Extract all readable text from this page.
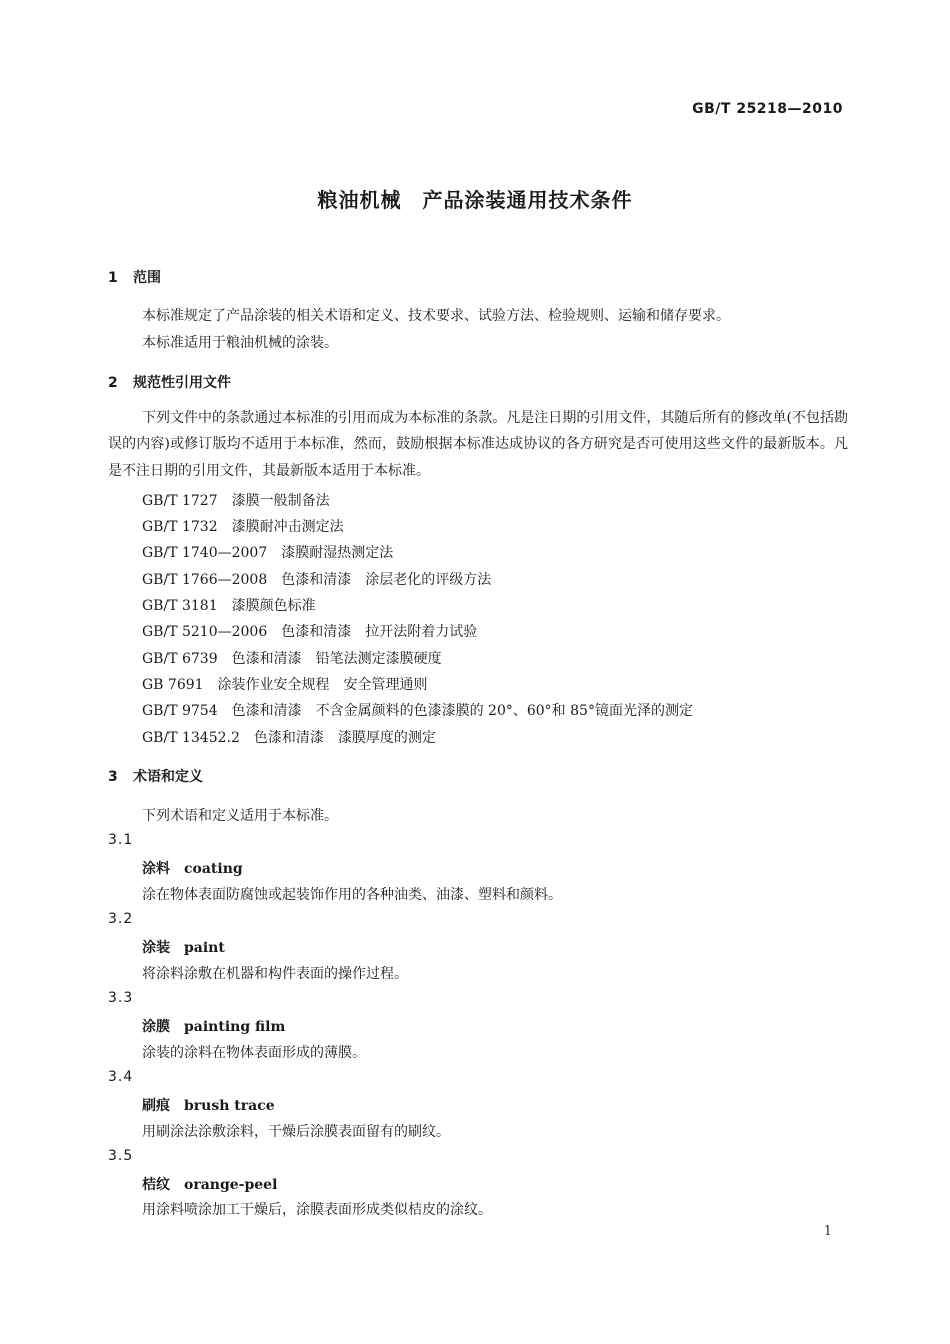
GB/T 25218—2010
粮油机械　产品涂装通用技术条件
1 范围
本标准规定了产品涂装的相关术语和定义、技术要求、试验方法、检验规则、运输和储存要求。
本标准适用于粮油机械的涂装。
2 规范性引用文件
下列文件中的条款通过本标准的引用而成为本标准的条款。凡是注日期的引用文件，其随后所有的修改单(不包括勘误的内容)或修订版均不适用于本标准，然而，鼓励根据本标准达成协议的各方研究是否可使用这些文件的最新版本。凡是不注日期的引用文件，其最新版本适用于本标准。
GB/T 1727　漆膜一般制备法
GB/T 1732　漆膜耐冲击测定法
GB/T 1740—2007　漆膜耐湿热测定法
GB/T 1766—2008　色漆和清漆　涂层老化的评级方法
GB/T 3181　漆膜颜色标准
GB/T 5210—2006　色漆和清漆　拉开法附着力试验
GB/T 6739　色漆和清漆　铅笔法测定漆膜硬度
GB 7691　涂装作业安全规程　安全管理通则
GB/T 9754　色漆和清漆　不含金属颜料的色漆漆膜的 20°、60°和 85°镜面光泽的测定
GB/T 13452.2　色漆和清漆　漆膜厚度的测定
3 术语和定义
下列术语和定义适用于本标准。
3.1
涂料　 coating
涂在物体表面防腐蚀或起装饰作用的各种油类、油漆、塑料和颜料。
3.2
涂装　 paint
将涂料涂敷在机器和构件表面的操作过程。
3.3
涂膜　 painting film
涂装的涂料在物体表面形成的薄膜。
3.4
刷痕　 brush trace
用刷涂法涂敷涂料，干燥后涂膜表面留有的刷纹。
3.5
桔纹　 orange-peel
用涂料喷涂加工干燥后，涂膜表面形成类似桔皮的涂纹。
1
